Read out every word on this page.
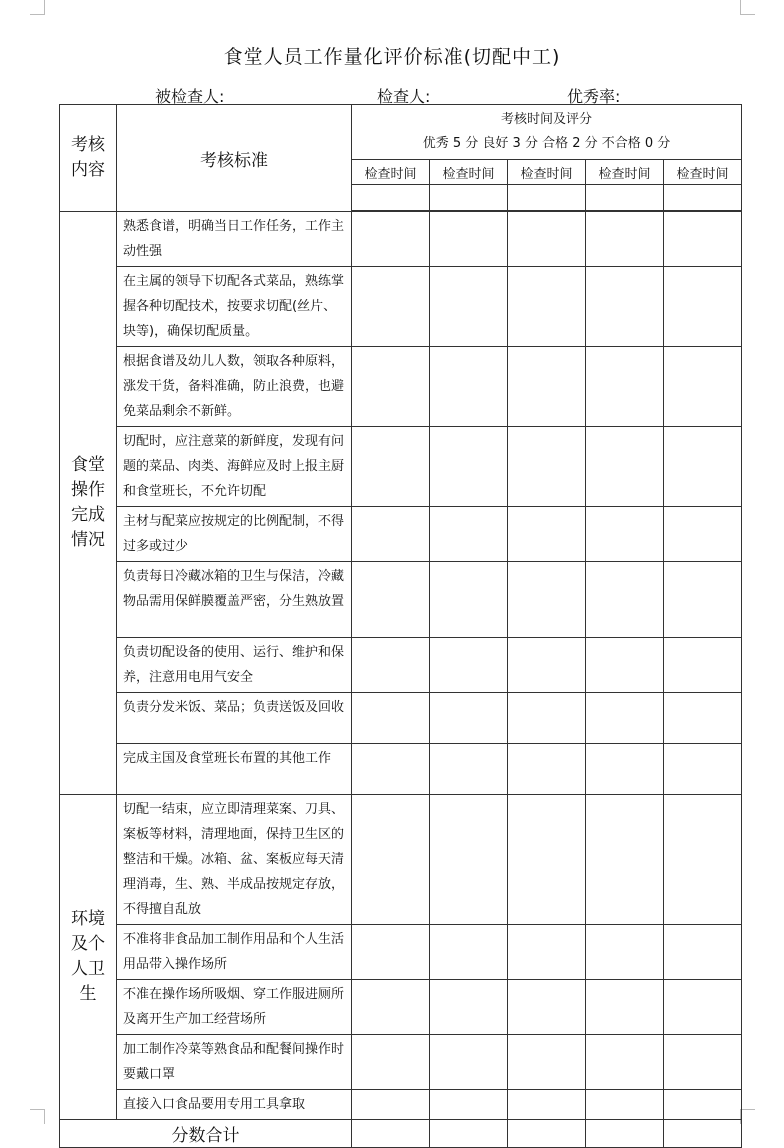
食堂人员工作量化评价标准(切配中工)
被检查人:	检查人:	优秀率:
考核
内容	考核标准	
考核时间及评分
优秀 5 分 良好 3 分 合格 2 分 不合格 0 分

		检查时间	检查时间	检查时间	检查时间	检查时间

食堂
操作
完成
情况	熟悉食谱，明确当日工作任务，工作主动性强					
	在主属的领导下切配各式菜品，熟练掌握各种切配技术，按要求切配(丝片、块等)，确保切配质量。					
	根据食谱及幼儿人数，领取各种原料，涨发干货，备料准确，防止浪费，也避免菜品剩余不新鲜。					
	切配时，应注意菜的新鲜度，发现有问题的菜品、肉类、海鲜应及时上报主厨和食堂班长，不允许切配					
	主材与配菜应按规定的比例配制，不得过多或过少					
	负责每日冷藏冰箱的卫生与保洁，冷藏物品需用保鲜膜覆盖严密，分生熟放置					
	负责切配设备的使用、运行、维护和保养，注意用电用气安全					
	负责分发米饭、菜品；负责送饭及回收					
	完成主国及食堂班长布置的其他工作					

环境
及个
人卫
生	切配一结束，应立即清理菜案、刀具、案板等材料，清理地面，保持卫生区的整洁和干燥。冰箱、盆、案板应每天清理消毒，生、熟、半成品按规定存放，不得擅自乱放					
	不准将非食品加工制作用品和个人生活用品带入操作场所					
	不准在操作场所吸烟、穿工作服进厕所及离开生产加工经营场所					
	加工制作冷菜等熟食品和配餐间操作时要戴口罩					
	直接入口食品要用专用工具拿取					
分数合计						
